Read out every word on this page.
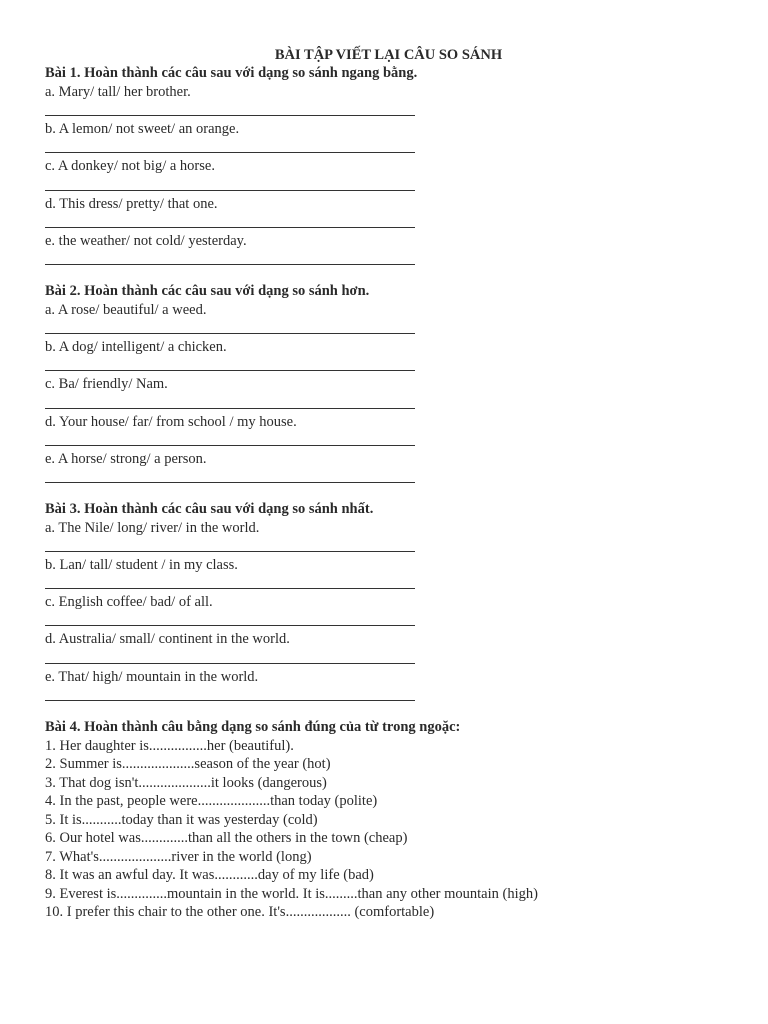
BÀI TẬP VIẾT LẠI CÂU SO SÁNH
Bài 1. Hoàn thành các câu sau với dạng so sánh ngang bằng.
a. Mary/ tall/ her brother.
b. A lemon/ not sweet/ an orange.
c. A donkey/ not big/ a horse.
d. This dress/ pretty/ that one.
e. the weather/ not cold/ yesterday.
Bài 2. Hoàn thành các câu sau với dạng so sánh hơn.
a. A rose/ beautiful/ a weed.
b. A dog/ intelligent/ a chicken.
c. Ba/ friendly/ Nam.
d. Your house/ far/ from school / my house.
e. A horse/ strong/ a person.
Bài 3. Hoàn thành các câu sau với dạng so sánh nhất.
a. The Nile/ long/ river/ in the world.
b. Lan/ tall/ student / in my class.
c. English coffee/ bad/ of all.
d. Australia/ small/ continent in the world.
e. That/ high/ mountain in the world.
Bài 4. Hoàn thành câu bằng dạng so sánh đúng của từ trong ngoặc:
1. Her daughter is................her (beautiful).
2. Summer is....................season of the year (hot)
3. That dog isn't....................it looks (dangerous)
4. In the past, people were....................than today (polite)
5. It is...........today than it was yesterday (cold)
6. Our hotel was.............than all the others in the town (cheap)
7. What's....................river in the world (long)
8. It was an awful day. It was............day of my life (bad)
9. Everest is..............mountain in the world. It is.........than any other mountain (high)
10. I prefer this chair to the other one. It's.................. (comfortable)
